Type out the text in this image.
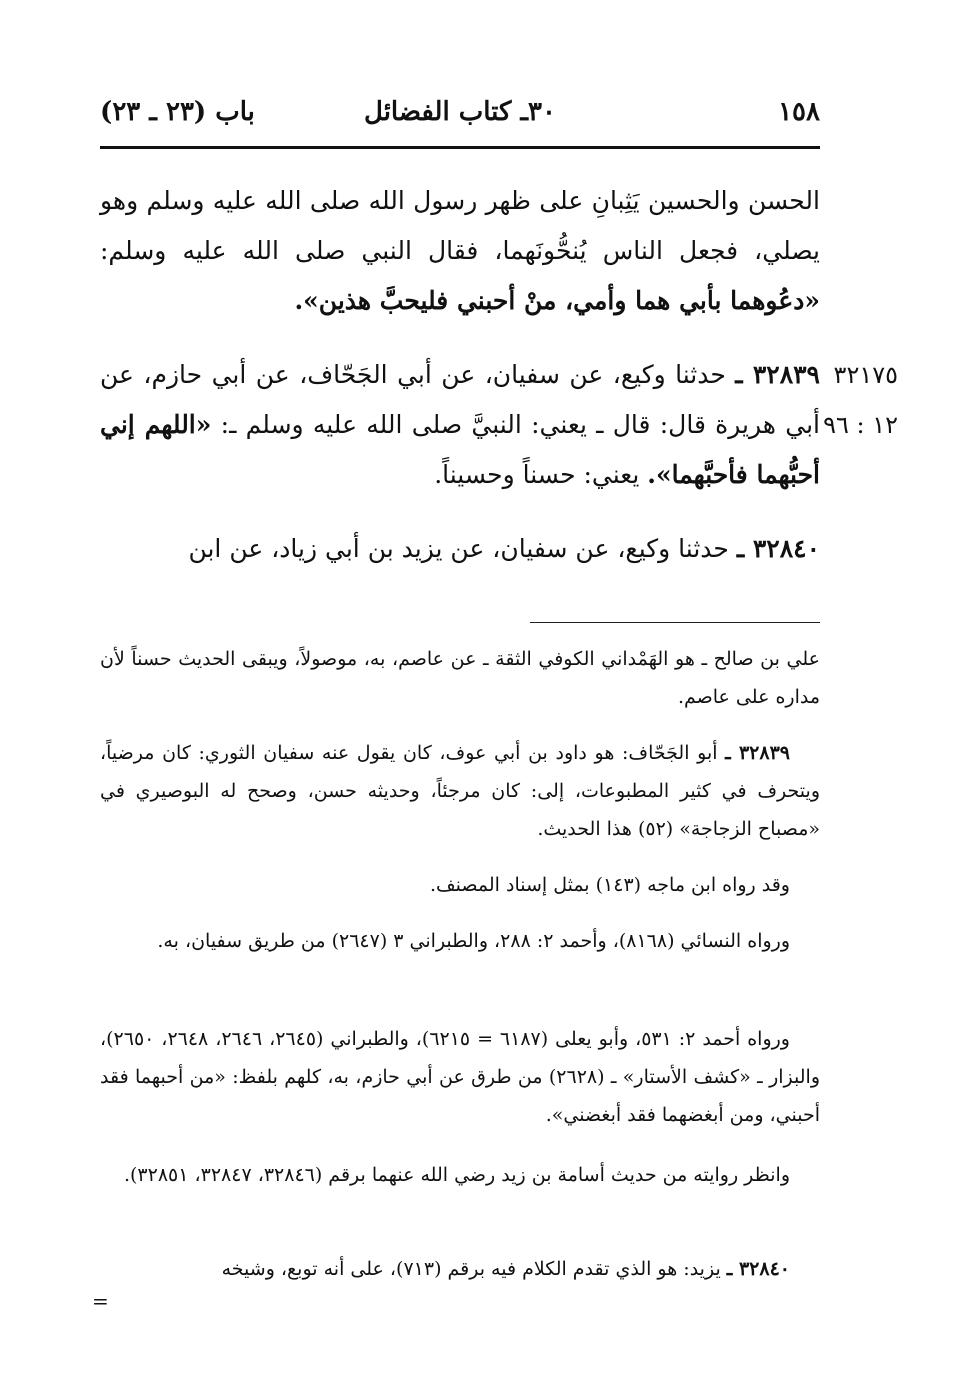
١٥٨
٣٠ـ كتاب الفضائل
باب (٢٣ ـ ٢٣)
الحسن والحسين يَثِبانِ على ظهر رسول الله صلى الله عليه وسلم وهو يصلي، فجعل الناس يُنحُّونَهما، فقال النبي صلى الله عليه وسلم: «دعُوهما بأبي هما وأمي، منْ أحبني فليحبَّ هذين».
٣٢٨٣٩ ـ حدثنا وكيع، عن سفيان، عن أبي الجَحّاف، عن أبي حازم، عن أبي هريرة قال: قال ـ يعني: النبيَّ صلى الله عليه وسلم ـ: «اللهم إني أحبُّهما فأحبَّهما». يعني: حسناً وحسيناً.
٣٢٨٤٠ ـ حدثنا وكيع، عن سفيان، عن يزيد بن أبي زياد، عن ابن
٣٢١٧٥
١٢ : ٩٦
علي بن صالح ـ هو الهَمْداني الكوفي الثقة ـ عن عاصم، به، موصولاً، ويبقى الحديث حسناً لأن مداره على عاصم.
٣٢٨٣٩ ـ أبو الجَحّاف: هو داود بن أبي عوف، كان يقول عنه سفيان الثوري: كان مرضياً، ويتحرف في كثير المطبوعات، إلى: كان مرجئاً، وحديثه حسن، وصحح له البوصيري في «مصباح الزجاجة» (٥٢) هذا الحديث.
وقد رواه ابن ماجه (١٤٣) بمثل إسناد المصنف.
ورواه النسائي (٨١٦٨)، وأحمد ٢: ٢٨٨، والطبراني ٣ (٢٦٤٧) من طريق سفيان، به.
ورواه أحمد ٢: ٥٣١، وأبو يعلى (٦١٨٧ = ٦٢١٥)، والطبراني (٢٦٤٥، ٢٦٤٦، ٢٦٤٨، ٢٦٥٠)، والبزار ـ «كشف الأستار» ـ (٢٦٢٨) من طرق عن أبي حازم، به، كلهم بلفظ: «من أحبهما فقد أحبني، ومن أبغضهما فقد أبغضني».
وانظر روايته من حديث أسامة بن زيد رضي الله عنهما برقم (٣٢٨٤٦، ٣٢٨٤٧، ٣٢٨٥١).
٣٢٨٤٠ ـ يزيد: هو الذي تقدم الكلام فيه برقم (٧١٣)، على أنه توبع، وشيخه
=
